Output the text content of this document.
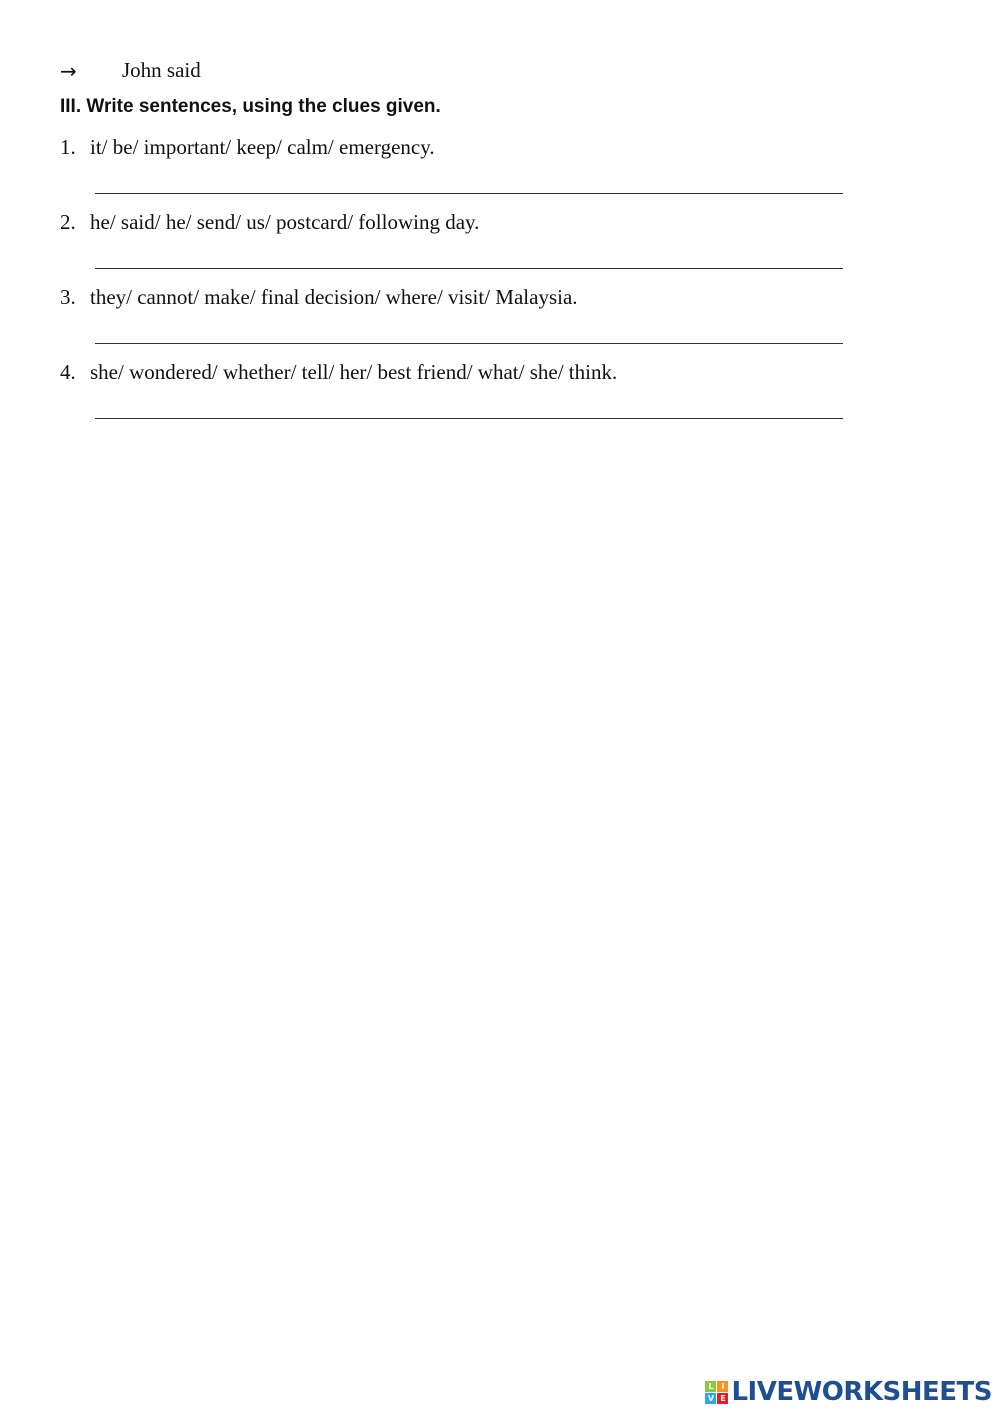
→	John said
III. Write sentences, using the clues given.
1. it/ be/ important/ keep/ calm/ emergency.
2. he/ said/ he/ send/ us/ postcard/ following day.
3. they/ cannot/ make/ final decision/ where/ visit/ Malaysia.
4. she/ wondered/ whether/ tell/ her/ best friend/ what/ she/ think.
L I
V E LIVEWORKSHEETS
